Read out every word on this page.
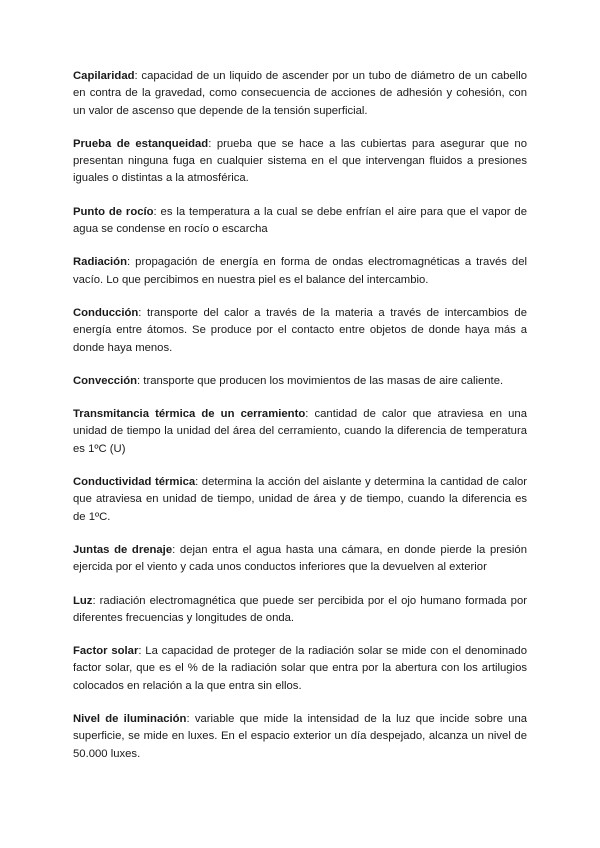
Capilaridad: capacidad de un liquido de ascender por un tubo de diámetro de un cabello en contra de la gravedad, como consecuencia de acciones de adhesión y cohesión, con un valor de ascenso que depende de la tensión superficial.

Prueba de estanqueidad: prueba que se hace a las cubiertas para asegurar que no presentan ninguna fuga en cualquier sistema en el que intervengan fluidos a presiones iguales o distintas a la atmosférica.

Punto de rocío: es la temperatura a la cual se debe enfrían el aire para que el vapor de agua se condense en rocío o escarcha

Radiación: propagación de energía en forma de ondas electromagnéticas a través del vacío. Lo que percibimos en nuestra piel es el balance del intercambio.

Conducción: transporte del calor a través de la materia a través de intercambios de energía entre átomos. Se produce por el contacto entre objetos de donde haya más a donde haya menos.

Convección: transporte que producen los movimientos de las masas de aire caliente.

Transmitancia térmica de un cerramiento: cantidad de calor que atraviesa en una unidad de tiempo la unidad del área del cerramiento, cuando la diferencia de temperatura es 1ºC (U)

Conductividad térmica: determina la acción del aislante y determina la cantidad de calor que atraviesa en unidad de tiempo, unidad de área y de tiempo, cuando la diferencia es de 1ºC.

Juntas de drenaje: dejan entra el agua hasta una cámara, en donde pierde la presión ejercida por el viento y cada unos conductos inferiores que la devuelven al exterior

Luz: radiación electromagnética que puede ser percibida por el ojo humano formada por diferentes frecuencias y longitudes de onda.

Factor solar: La capacidad de proteger de la radiación solar se mide con el denominado factor solar, que es el % de la radiación solar que entra por la abertura con los artilugios colocados en relación a la que entra sin ellos.

Nivel de iluminación: variable que mide la intensidad de la luz que incide sobre una superficie, se mide en luxes. En el espacio exterior un día despejado, alcanza un nivel de 50.000 luxes.
